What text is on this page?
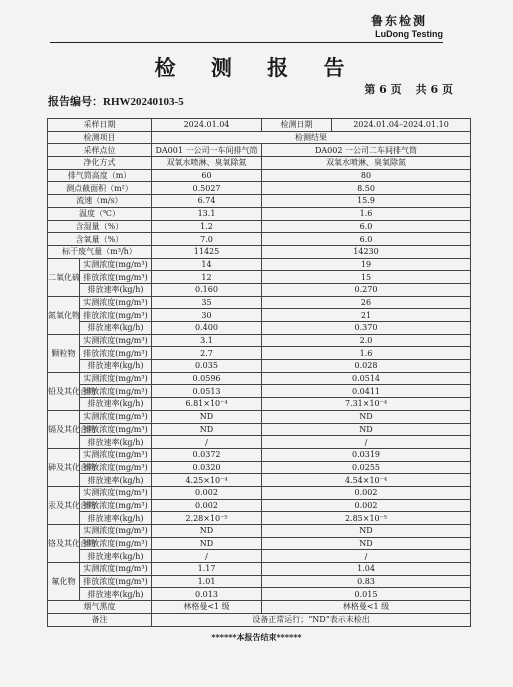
鲁东检测
LuDong Testing
检 测 报 告
第 6 页 共 6 页
报告编号：RHW20240103-5
采样日期		2024.01.04	检测日期	2024.01.04–2024.01.10
检测项目		检测结果		
采样点位		DA001 一公司一车间排气筒	DA002 一公司二车间排气筒	
净化方式		双氧水喷淋、臭氧除氮	双氧水喷淋、臭氧除氮	
排气筒高度（m）		60	80	
测点截面积（m²）		0.5027	8.50	
流速（m/s）		6.74	15.9	
温度（℃）		13.1	1.6	
含湿量（%）		1.2	6.0	
含氧量（%）		7.0	6.0	
标干废气量（m³/h）		11425	14230	
二氧化硫	实测浓度(mg/m³)	14	19	
	排放浓度(mg/m³)	12	15	
	排放速率(kg/h)	0.160	0.270	
氮氧化物	实测浓度(mg/m³)	35	26	
	排放浓度(mg/m³)	30	21	
	排放速率(kg/h)	0.400	0.370	
颗粒物	实测浓度(mg/m³)	3.1	2.0	
	排放浓度(mg/m³)	2.7	1.6	
	排放速率(kg/h)	0.035	0.028	
铅及其化合物	实测浓度(mg/m³)	0.0596	0.0514	
	排放浓度(mg/m³)	0.0513	0.0411	
	排放速率(kg/h)	6.81×10⁻⁴	7.31×10⁻⁴	
镉及其化合物	实测浓度(mg/m³)	ND	ND	
	排放浓度(mg/m³)	ND	ND	
	排放速率(kg/h)	/	/	
砷及其化合物	实测浓度(mg/m³)	0.0372	0.0319	
	排放浓度(mg/m³)	0.0320	0.0255	
	排放速率(kg/h)	4.25×10⁻⁴	4.54×10⁻⁴	
汞及其化合物	实测浓度(mg/m³)	0.002	0.002	
	排放浓度(mg/m³)	0.002	0.002	
	排放速率(kg/h)	2.28×10⁻⁵	2.85×10⁻⁵	
铬及其化合物	实测浓度(mg/m³)	ND	ND	
	排放浓度(mg/m³)	ND	ND	
	排放速率(kg/h)	/	/	
氟化物	实测浓度(mg/m³)	1.17	1.04	
	排放浓度(mg/m³)	1.01	0.83	
	排放速率(kg/h)	0.013	0.015	
烟气黑度		林格曼<1 级	林格曼<1 级	
备注		设备正常运行；“ND”表示未检出		
******本报告结束******
